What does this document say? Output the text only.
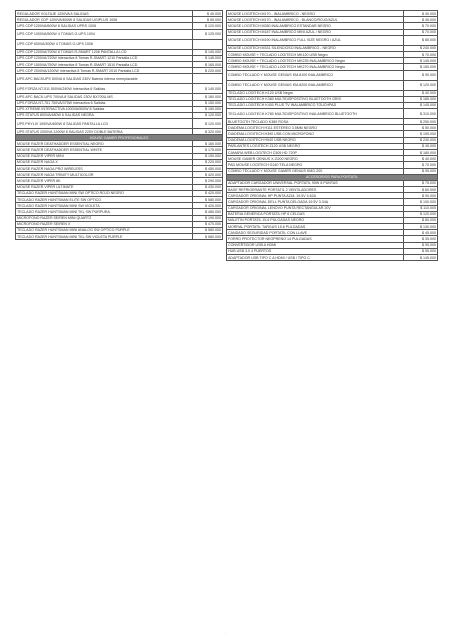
REGULADOR VOLTAJE 1200VA 8 SALIDAS	$ 45.000
REGULADOR CDP 1200VA/600W 8 SALIDAS UGIPLUS 1008	$ 55.000
UPS CDP 1200VA/600W 8 SALIDAS UPRS 1008	$ 120.000
UPS CDP 1000VA/500W 4 TOMAS G-UPS 1004	$ 125.000
UPS CDP 600VA/300W 4 TOMAS G-UPS 1008	
UPS CDP 1200VA/700W 8 TOMAS R-SMART 1208 PANTALLA LCD	$ 140.000
UPS CDP 1200VA/720W Interactiva 8 Tomas R-SMART 1210 Pantalla LCD	$ 145.000
UPS CDP 1500VA/750W Interactiva 8 Tomas R-SMART 1510 Pantalla LCD	$ 165.000
UPS CDP 2000VA/1200W Interactiva 8 Tomas R-SMART 2010 Pantalla LCD	$ 220.000
UPS APC BACKUPS 500VA 6 SALIDAS 230V Bateria interna reemplazable	
UPS FORZA NT-511 500VA/240W Interactiva 6 Salidas	$ 140.000
UPS APC BACK-UPS 700VA 8 SALIDAS 230V BX700U-MS	$ 180.000
UPS FORZA NT-751 750VA/375W Interactiva 6 Salidas	$ 150.000
UPS XTREME INTERACTIVA 1000VA/500W 8 Salidas	$ 150.000
UPS STATUS 800VA/480W 6 SALIDAS NEGRA	$ 120.000
UPS PHYLIX 1000VA/600W 8 SALIDAS PANTALLA LCD	$ 120.000
UPS STATUS 2000VA 1200W 8 SALIDAS 220V DOBLE BATERIA	$ 320.000
MOUSE GAMER PROFESIONALES	
MOUSE RAZER DEATHADDER ESSENTIAL NEGRO	$ 160.000
MOUSE RAZER DEATHADDER ESSENTIAL WHITE	$ 175.000
MOUSE RAZER VIPER MINI	$ 190.000
MOUSE RAZER NAGA X	$ 220.000
MOUSE RAZER NAGA PRO WIRELESS	$ 450.000
MOUSE RAZER NAGA TRINITY MULTICOLOR	$ 420.000
MOUSE RAZER VIPER 8K	$ 290.000
MOUSE RAZER VIPER ULTIMATE	$ 430.000
TECLADO RAZER HUNTSMAN MINI SW OPTICO ROJO NEGRO	$ 420.000
TECLADO RAZER HUNTSMAN ELITE SW OPTICO	$ 580.000
TECLADO RAZER HUNTSMAN MINI SW VIOLETA	$ 420.000
TECLADO RAZER HUNTSMAN MINI TKL SW PURPURA	$ 480.000
MICROFONO RAZER SEIREN MINI QUARTZ	$ 190.000
MICROFONO RAZER SEIREN X	$ 470.000
TECLADO RAZER HUNTSMAN MINI ANALOG SW OPTICO PURPLE	$ 580.000
TECLADO RAZER HUNTSMAN MINI TKL SW VIOLETA PURPLE	$ 580.000
MOUSE LOGITECH M170 - INALAMBRICO - NEGRO	$ 40.000
MOUSE LOGITECH M170 - INALAMBRICO - BLANCO/ROJO/AZUL	$ 45.000
MOUSE LOGITECH M280 INALAMBRICO ESTANDAR NEGRO	$ 70.000
MOUSE LOGITECH M187 INALAMBRICO MINI AZUL / NEGRO	$ 70.000
MOUSE LOGITECH M190 INALAMBRICO FULL SIZE NEGRO / AZUL	$ 85.000
MOUSE LOGITECH M331 SILENCIOSO INALAMBRICO - NEGRO	$ 240.000
COMBO MOUSE + TECLADO LOGITECH MK120 USB Negro	$ 70.000
COMBO MOUSE + TECLADO LOGITECH MK235 INALAMBRICO Negro	$ 145.000
COMBO MOUSE + TECLADO LOGITECH MK270 INALAMBRICO Negro	$ 150.000
COMBO TECLADO Y MOUSE GENIUS KM-8100 INALAMBRICO	$ 90.000
COMBO TECLADO Y MOUSE GENIUS KM-8200 INALAMBRICO	$ 120.000
TECLADO LOGITECH K120 USB Negro	$ 40.000
TECLADO LOGITECH K380 MULTIDISPOSITIVO BLUETOOTH GRIS	$ 185.000
TECLADO LOGITECH K400 PLUS TV INALAMBRICO TOUCHPAD	$ 145.000
TECLADO LOGITECH K780 MULTIDISPOSITIVO INALAMBRICO BLUETOOTH	$ 310.000
BLUETOOTH TECLADO K380 ROSA	$ 250.000
DIADEMA LOGITECH H111 ESTEREO 3.5MM NEGRO	$ 50.000
DIADEMA LOGITECH H390 USB CON MICROFONO	$ 195.000
DIADEMA LOGITECH H540 USB NEGRO	$ 230.000
PARLANTES LOGITECH Z120 USB NEGRO	$ 45.000
CAMARA WEB LOGITECH C505 HD 720P	$ 180.000
MOUSE GAMER GENIUS X-G200 NEGRO	$ 40.000
PAD MOUSE LOGITECH G240 TELA NEGRO	$ 70.000
COMBO TECLADO Y MOUSE GAMER GENIUS KMG-200	$ 95.000
ACCESORIOS PARA PORTATIL	
ADAPTADOR CARGADOR UNIVERSAL PORTATIL 90W 8 PUNTAS	$ 75.000
BASE REFRIGERANTE PORTATIL 2 VENTILADORES	$ 60.000
CARGADOR ORIGINAL HP PUNTA AZUL 19.5V 4.62A	$ 90.000
CARGADOR ORIGINAL DELL PUNTA DELGADA 19.5V 3.34A	$ 100.000
CARGADOR ORIGINAL LENOVO PUNTA RECTANGULAR 20V	$ 110.000
BATERIA GENERICA PORTATIL HP 6 CELDAS	$ 120.000
MALETIN PORTATIL 15.6 PULGADAS NEGRO	$ 80.000
MORRAL PORTATIL TARGUS 15.6 PULGADAS	$ 130.000
CANDADO SEGURIDAD PORTATIL CON LLAVE	$ 45.000
FORRO PROTECTOR NEOPRENO 14 PULGADAS	$ 35.000
CONVERTIDOR USB A HDMI	$ 95.000
HUB USB 3.0 4 PUERTOS	$ 55.000
ADAPTADOR USB TIPO C A HDMI / USB / TIPO C	$ 145.000
-
